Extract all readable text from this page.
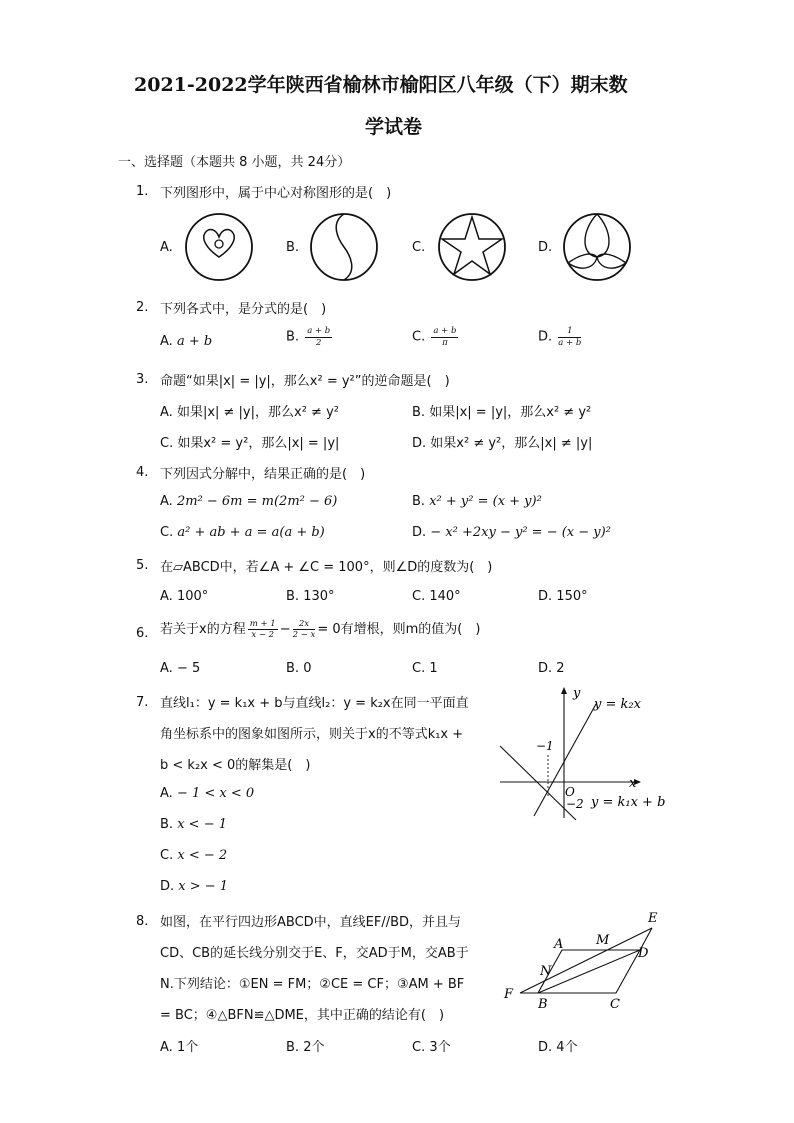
2021-2022学年陕西省榆林市榆阳区八年级（下）期末数
学试卷
一、选择题（本题共 8 小题，共 24分）
1. 下列图形中，属于中心对称图形的是(　)
A.	B.	C.	D.
2. 下列各式中，是分式的是(　)
A. a + b	B. $\frac{a + b}{2}$	C. $\frac{a + b}{\pi}$	D. $\frac{1}{a + b}$
3. 命题“如果|x| = |y|，那么x² = y²”的逆命题是(　)
A. 如果|x| ≠ |y|，那么x² ≠ y²	B. 如果|x| = |y|，那么x² ≠ y²
C. 如果x² = y²，那么|x| = |y|	D. 如果x² ≠ y²，那么|x| ≠ |y|
4. 下列因式分解中，结果正确的是(　)
A. 2m² − 6m = m(2m² − 6)	B. x² + y² = (x + y)²
C. a² + ab + a = a(a + b)	D. − x² +2xy − y² = − (x − y)²
5. 在▱ABCD中，若∠A + ∠C = 100°，则∠D的度数为(　)
A. 100°	B. 130°	C. 140°	D. 150°
6. 若关于x的方程 $\frac{m + 1}{x - 2} - \frac{2x}{2 - x} = 0$有增根，则m的值为(　)
A. − 5	B. 0	C. 1	D. 2
7. 直线l₁：y = k₁x + b与直线l₂：y = k₂x在同一平面直
角坐标系中的图象如图所示，则关于x的不等式k₁x +
b < k₂x < 0的解集是(　)
A. − 1 < x < 0
B. x < − 1
C. x < − 2
D. x > − 1
y
x
O
−1
−2
y = k₂x
y = k₁x + b
8. 如图，在平行四边形ABCD中，直线EF//BD，并且与
CD、CB的延长线分别交于E、F，交AD于M，交AB于
N.下列结论：①EN = FM；②CE = CF；③AM + BF
= BC；④△BFN≌△DME，其中正确的结论有(　)
A. 1个	B. 2个	C. 3个	D. 4个
E
A	M
D
N
F
B	C
